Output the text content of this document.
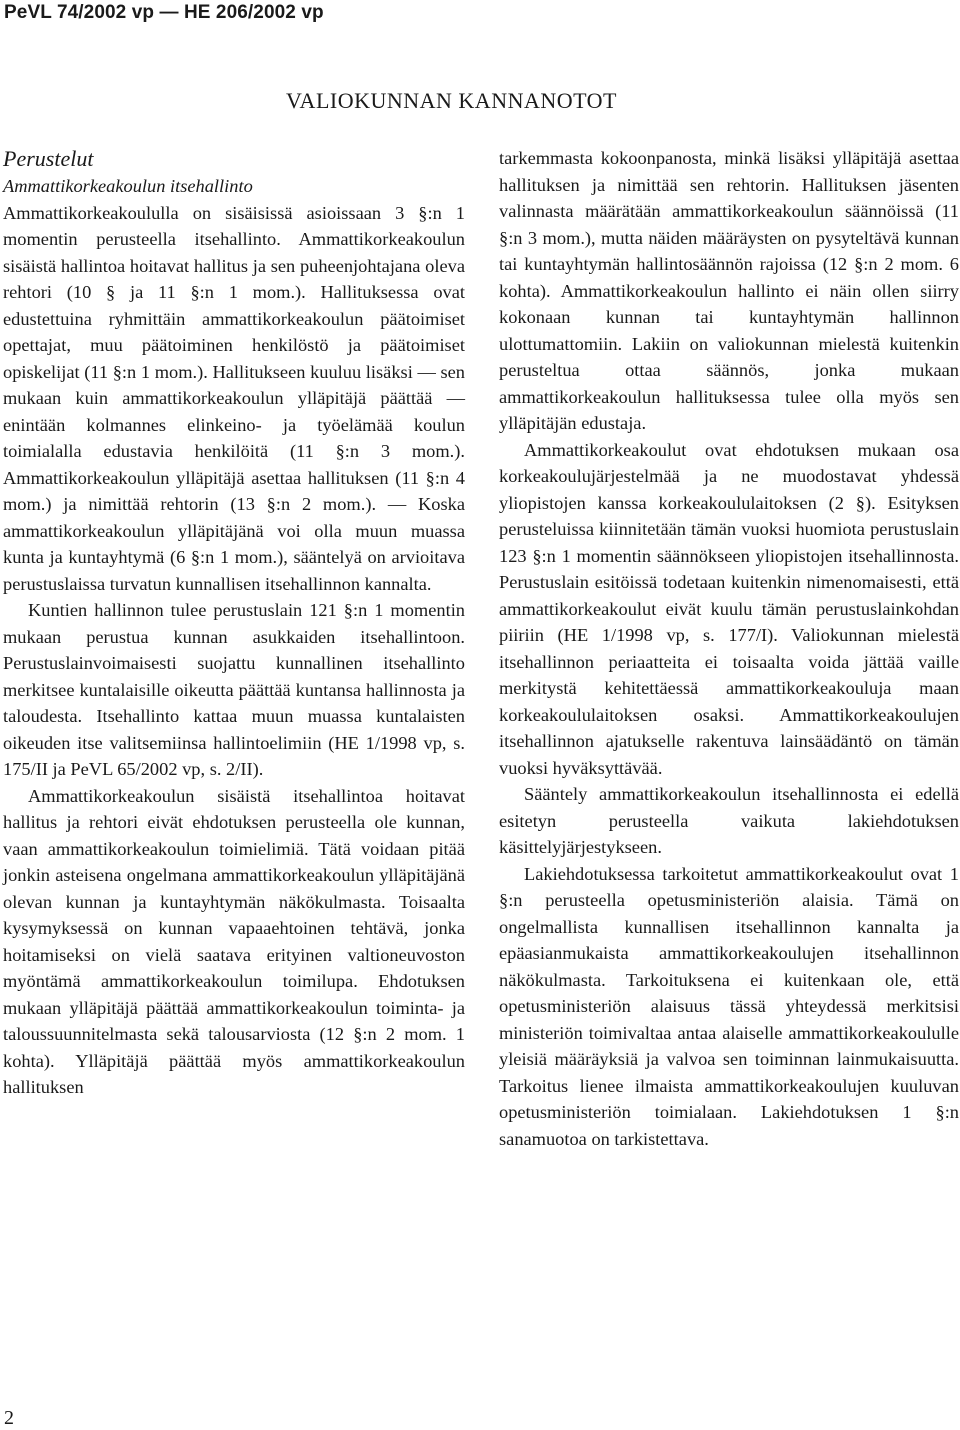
PeVL 74/2002 vp — HE 206/2002 vp
VALIOKUNNAN KANNANOTOT

Perustelut

Ammattikorkeakoulun itsehallinto

Ammattikorkeakoululla on sisäisissä asioissaan 3 §:n 1 momentin perusteella itsehallinto. Ammattikorkeakoulun sisäistä hallintoa hoitavat hallitus ja sen puheenjohtajana oleva rehtori (10 § ja 11 §:n 1 mom.). Hallituksessa ovat edustettuina ryhmittäin ammattikorkeakoulun päätoimiset opettajat, muu päätoiminen henkilöstö ja päätoimiset opiskelijat (11 §:n 1 mom.). Hallitukseen kuuluu lisäksi — sen mukaan kuin ammattikorkeakoulun ylläpitäjä päättää — enintään kolmannes elinkeino- ja työelämää koulun toimialalla edustavia henkilöitä (11 §:n 3 mom.). Ammattikorkeakoulun ylläpitäjä asettaa hallituksen (11 §:n 4 mom.) ja nimittää rehtorin (13 §:n 2 mom.). — Koska ammattikorkeakoulun ylläpitäjänä voi olla muun muassa kunta ja kuntayhtymä (6 §:n 1 mom.), sääntelyä on arvioitava perustuslaissa turvatun kunnallisen itsehallinnon kannalta.

Kuntien hallinnon tulee perustuslain 121 §:n 1 momentin mukaan perustua kunnan asukkaiden itsehallintoon. Perustuslainvoimaisesti suojattu kunnallinen itsehallinto merkitsee kuntalaisille oikeutta päättää kuntansa hallinnosta ja taloudesta. Itsehallinto kattaa muun muassa kuntalaisten oikeuden itse valitsemiinsa hallintoelimiin (HE 1/1998 vp, s. 175/II ja PeVL 65/2002 vp, s. 2/II).

Ammattikorkeakoulun sisäistä itsehallintoa hoitavat hallitus ja rehtori eivät ehdotuksen perusteella ole kunnan, vaan ammattikorkeakoulun toimielimiä. Tätä voidaan pitää jonkin asteisena ongelmana ammattikorkeakoulun ylläpitäjänä olevan kunnan ja kuntayhtymän näkökulmasta. Toisaalta kysymyksessä on kunnan vapaaehtoinen tehtävä, jonka hoitamiseksi on vielä saatava erityinen valtioneuvoston myöntämä ammattikorkeakoulun toimilupa. Ehdotuksen mukaan ylläpitäjä päättää ammattikorkeakoulun toiminta- ja taloussuunnitelmasta sekä talousarviosta (12 §:n 2 mom. 1 kohta). Ylläpitäjä päättää myös ammattikorkeakoulun hallituksen

tarkemmasta kokoonpanosta, minkä lisäksi ylläpitäjä asettaa hallituksen ja nimittää sen rehtorin. Hallituksen jäsenten valinnasta määrätään ammattikorkeakoulun säännöissä (11 §:n 3 mom.), mutta näiden määräysten on pysyteltävä kunnan tai kuntayhtymän hallintosäännön rajoissa (12 §:n 2 mom. 6 kohta). Ammattikorkeakoulun hallinto ei näin ollen siirry kokonaan kunnan tai kuntayhtymän hallinnon ulottumattomiin. Lakiin on valiokunnan mielestä kuitenkin perusteltua ottaa säännös, jonka mukaan ammattikorkeakoulun hallituksessa tulee olla myös sen ylläpitäjän edustaja.

Ammattikorkeakoulut ovat ehdotuksen mukaan osa korkeakoulujärjestelmää ja ne muodostavat yhdessä yliopistojen kanssa korkeakoululaitoksen (2 §). Esityksen perusteluissa kiinnitetään tämän vuoksi huomiota perustuslain 123 §:n 1 momentin säännökseen yliopistojen itsehallinnosta. Perustuslain esitöissä todetaan kuitenkin nimenomaisesti, että ammattikorkeakoulut eivät kuulu tämän perustuslainkohdan piiriin (HE 1/1998 vp, s. 177/I). Valiokunnan mielestä itsehallinnon periaatteita ei toisaalta voida jättää vaille merkitystä kehitettäessä ammattikorkeakouluja maan korkeakoululaitoksen osaksi. Ammattikorkeakoulujen itsehallinnon ajatukselle rakentuva lainsäädäntö on tämän vuoksi hyväksyttävää.

Sääntely ammattikorkeakoulun itsehallinnosta ei edellä esitetyn perusteella vaikuta lakiehdotuksen käsittelyjärjestykseen.

Lakiehdotuksessa tarkoitetut ammattikorkeakoulut ovat 1 §:n perusteella opetusministeriön alaisia. Tämä on ongelmallista kunnallisen itsehallinnon kannalta ja epäasianmukaista ammattikorkeakoulujen itsehallinnon näkökulmasta. Tarkoituksena ei kuitenkaan ole, että opetusministeriön alaisuus tässä yhteydessä merkitsisi ministeriön toimivaltaa antaa alaiselle ammattikorkeakoululle yleisiä määräyksiä ja valvoa sen toiminnan lainmukaisuutta. Tarkoitus lienee ilmaista ammattikorkeakoulujen kuuluvan opetusministeriön toimialaan. Lakiehdotuksen 1 §:n sanamuotoa on tarkistettava.

2
